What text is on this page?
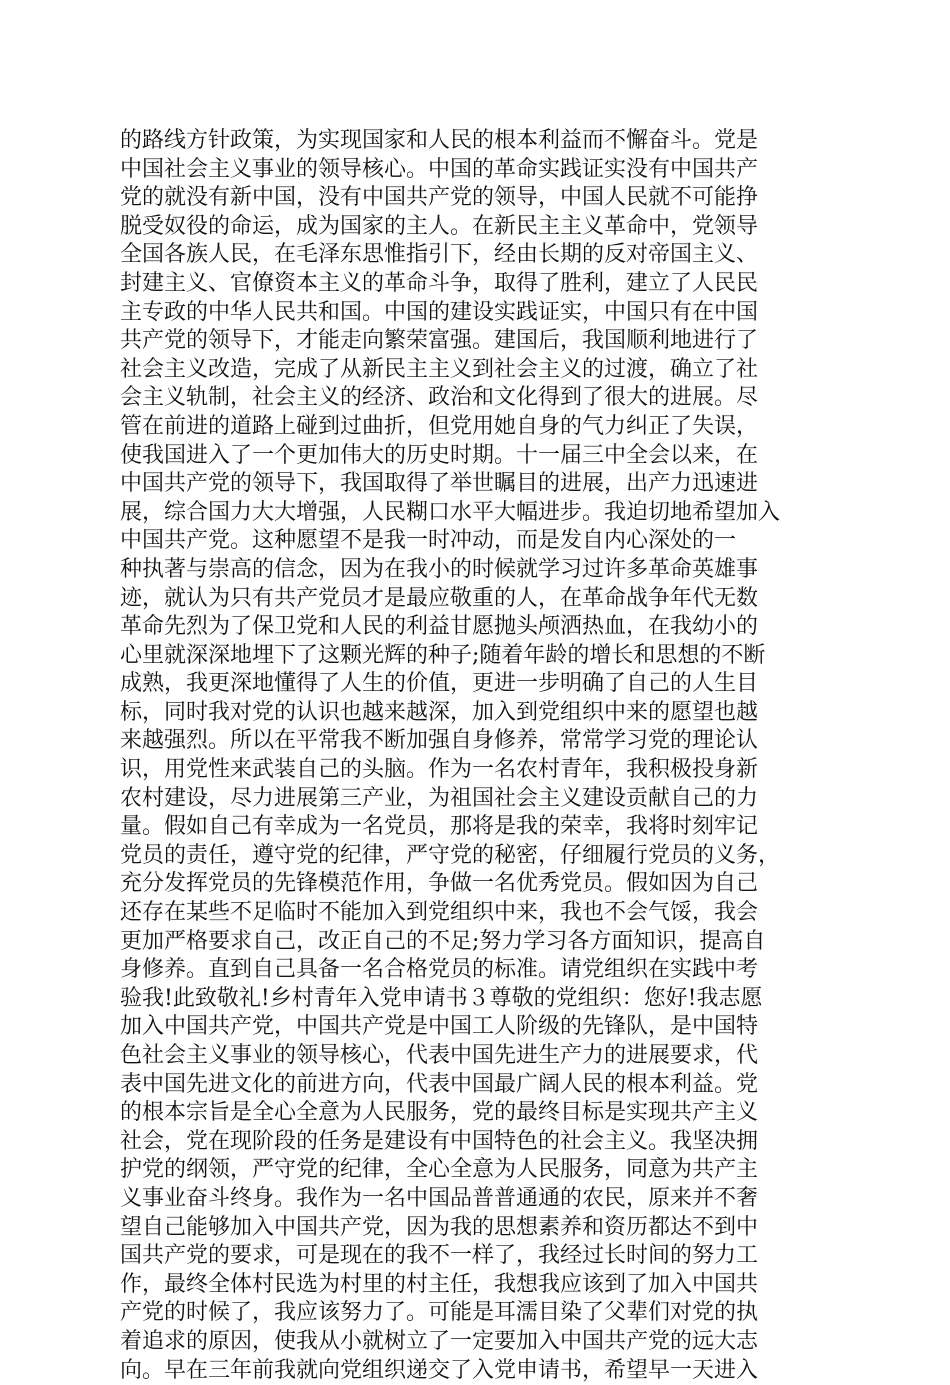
的路线方针政策，为实现国家和人民的根本利益而不懈奋斗。党是
中国社会主义事业的领导核心。中国的革命实践证实没有中国共产
党的就没有新中国，没有中国共产党的领导，中国人民就不可能挣
脱受奴役的命运，成为国家的主人。在新民主主义革命中，党领导
全国各族人民，在毛泽东思惟指引下，经由长期的反对帝国主义、
封建主义、官僚资本主义的革命斗争，取得了胜利，建立了人民民
主专政的中华人民共和国。中国的建设实践证实，中国只有在中国
共产党的领导下，才能走向繁荣富强。建国后，我国顺利地进行了
社会主义改造，完成了从新民主主义到社会主义的过渡，确立了社
会主义轨制，社会主义的经济、政治和文化得到了很大的进展。尽
管在前进的道路上碰到过曲折，但党用她自身的气力纠正了失误，
使我国进入了一个更加伟大的历史时期。十一届三中全会以来，在
中国共产党的领导下，我国取得了举世瞩目的进展，出产力迅速进
展，综合国力大大增强，人民糊口水平大幅进步。我迫切地希望加入
中国共产党。这种愿望不是我一时冲动，而是发自内心深处的一
种执著与崇高的信念，因为在我小的时候就学习过许多革命英雄事
迹，就认为只有共产党员才是最应敬重的人，在革命战争年代无数
革命先烈为了保卫党和人民的利益甘愿抛头颅洒热血，在我幼小的
心里就深深地埋下了这颗光辉的种子;随着年龄的增长和思想的不断
成熟，我更深地懂得了人生的价值，更进一步明确了自己的人生目
标，同时我对党的认识也越来越深，加入到党组织中来的愿望也越
来越强烈。所以在平常我不断加强自身修养，常常学习党的理论认
识，用党性来武装自己的头脑。作为一名农村青年，我积极投身新
农村建设，尽力进展第三产业，为祖国社会主义建设贡献自己的力
量。假如自己有幸成为一名党员，那将是我的荣幸，我将时刻牢记
党员的责任，遵守党的纪律，严守党的秘密，仔细履行党员的义务，
充分发挥党员的先锋模范作用，争做一名优秀党员。假如因为自己
还存在某些不足临时不能加入到党组织中来，我也不会气馁，我会
更加严格要求自己，改正自己的不足;努力学习各方面知识，提高自
身修养。直到自己具备一名合格党员的标准。请党组织在实践中考
验我!此致敬礼!乡村青年入党申请书３尊敬的党组织：您好!我志愿
加入中国共产党，中国共产党是中国工人阶级的先锋队，是中国特
色社会主义事业的领导核心，代表中国先进生产力的进展要求，代
表中国先进文化的前进方向，代表中国最广阔人民的根本利益。党
的根本宗旨是全心全意为人民服务，党的最终目标是实现共产主义
社会，党在现阶段的任务是建设有中国特色的社会主义。我坚决拥
护党的纲领，严守党的纪律，全心全意为人民服务，同意为共产主
义事业奋斗终身。我作为一名中国品普普通通的农民，原来并不奢
望自己能够加入中国共产党，因为我的思想素养和资历都达不到中
国共产党的要求，可是现在的我不一样了，我经过长时间的努力工
作，最终全体村民选为村里的村主任，我想我应该到了加入中国共
产党的时候了，我应该努力了。可能是耳濡目染了父辈们对党的执
着追求的原因，使我从小就树立了一定要加入中国共产党的远大志
向。早在三年前我就向党组织递交了入党申请书，希望早一天进入
